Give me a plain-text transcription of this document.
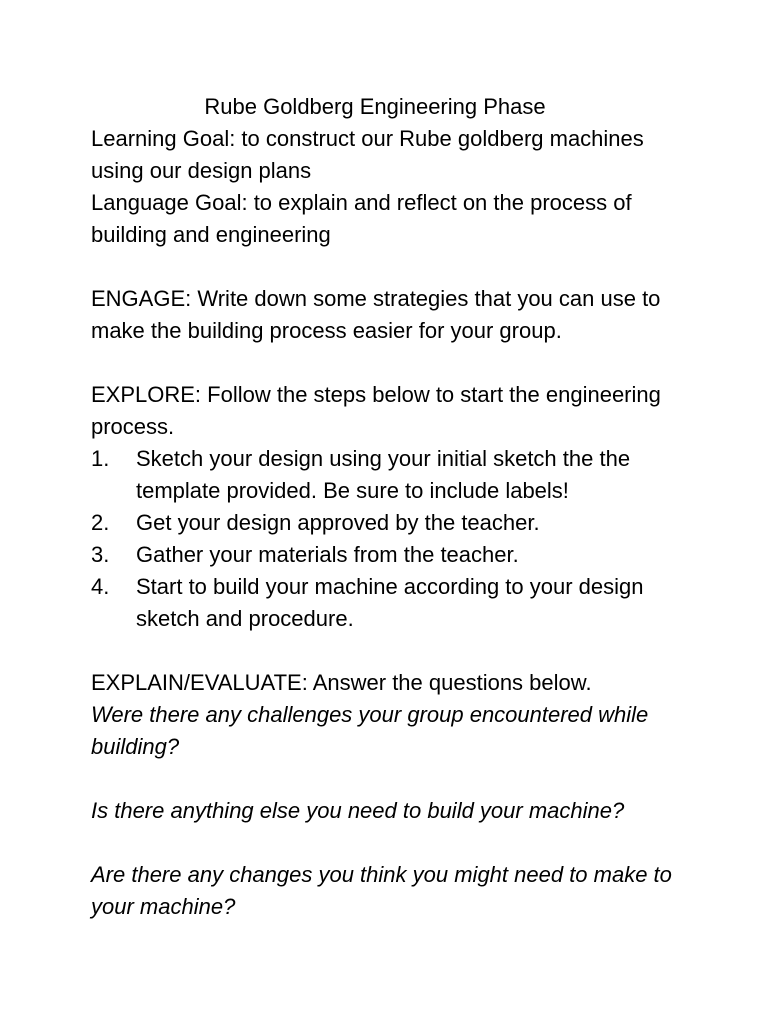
Rube Goldberg Engineering Phase

Learning Goal: to construct our Rube goldberg machines using our design plans

Language Goal: to explain and reflect on the process of building and engineering

ENGAGE: Write down some strategies that you can use to make the building process easier for your group.

EXPLORE: Follow the steps below to start the engineering process.

1. Sketch your design using your initial sketch the the template provided. Be sure to include labels!
2. Get your design approved by the teacher.
3. Gather your materials from the teacher.
4. Start to build your machine according to your design sketch and procedure.

EXPLAIN/EVALUATE: Answer the questions below.

Were there any challenges your group encountered while building?

Is there anything else you need to build your machine?

Are there any changes you think you might need to make to your machine?
